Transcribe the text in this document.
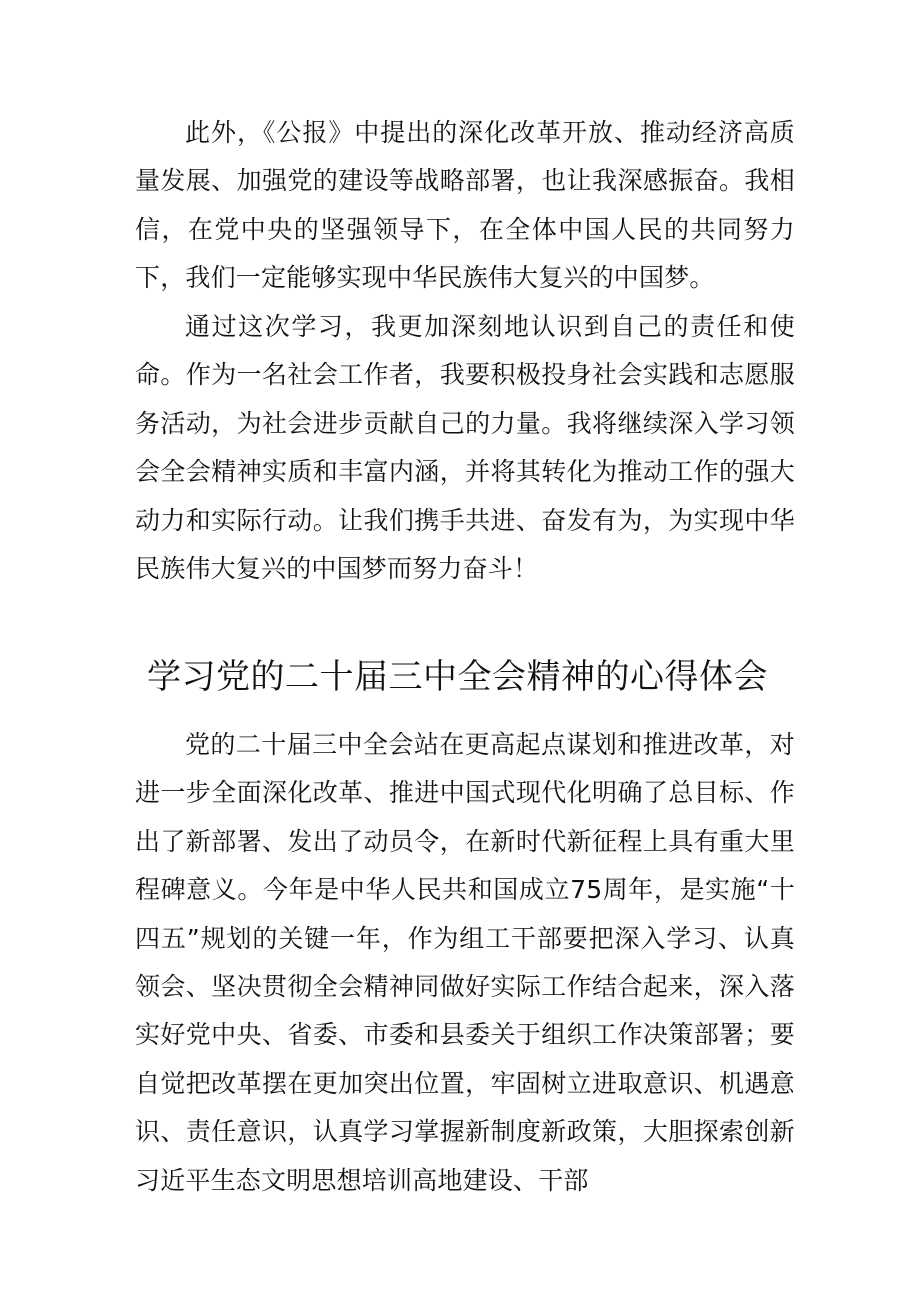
此外，《公报》中提出的深化改革开放、推动经济高质量发展、加强党的建设等战略部署，也让我深感振奋。我相信，在党中央的坚强领导下，在全体中国人民的共同努力下，我们一定能够实现中华民族伟大复兴的中国梦。

通过这次学习，我更加深刻地认识到自己的责任和使命。作为一名社会工作者，我要积极投身社会实践和志愿服务活动，为社会进步贡献自己的力量。我将继续深入学习领会全会精神实质和丰富内涵，并将其转化为推动工作的强大动力和实际行动。让我们携手共进、奋发有为，为实现中华民族伟大复兴的中国梦而努力奋斗！

学习党的二十届三中全会精神的心得体会

党的二十届三中全会站在更高起点谋划和推进改革，对进一步全面深化改革、推进中国式现代化明确了总目标、作出了新部署、发出了动员令，在新时代新征程上具有重大里程碑意义。今年是中华人民共和国成立75周年，是实施“十四五”规划的关键一年，作为组工干部要把深入学习、认真领会、坚决贯彻全会精神同做好实际工作结合起来，深入落实好党中央、省委、市委和县委关于组织工作决策部署；要自觉把改革摆在更加突出位置，牢固树立进取意识、机遇意识、责任意识，认真学习掌握新制度新政策，大胆探索创新习近平生态文明思想培训高地建设、干部
